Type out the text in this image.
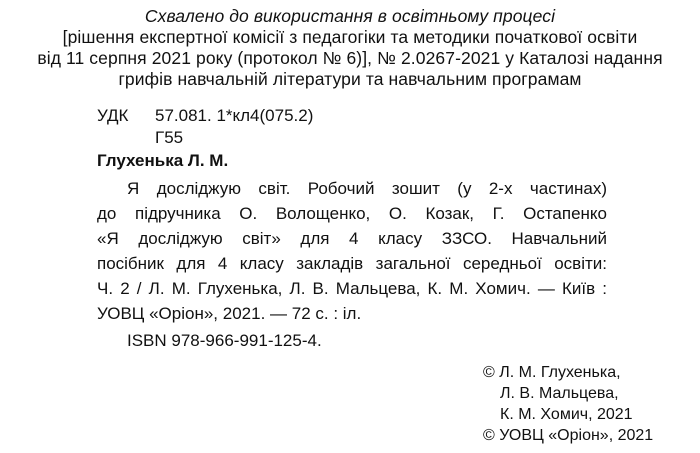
Схвалено до використання в освітньому процесі
[рішення експертної комісії з педагогіки та методики початкової освіти
від 11 серпня 2021 року (протокол № 6)], № 2.0267-2021 у Каталозі надання
грифів навчальній літератури та навчальним програмам
УДК 57.081. 1*кл4(075.2)
Г55
Глухенька Л. М.
Я досліджую світ. Робочий зошит (у 2-х частинах)
до підручника О. Волощенко, О. Козак, Г. Остапенко
«Я досліджую світ» для 4 класу ЗЗСО. Навчальний
посібник для 4 класу закладів загальної середньої освіти:
Ч. 2 / Л. М. Глухенька, Л. В. Мальцева, К. М. Хомич. — Київ :
УОВЦ «Оріон», 2021. — 72 с. : іл.
ISBN 978-966-991-125-4.
© Л. М. Глухенька,
Л. В. Мальцева,
К. М. Хомич, 2021
© УОВЦ «Оріон», 2021
